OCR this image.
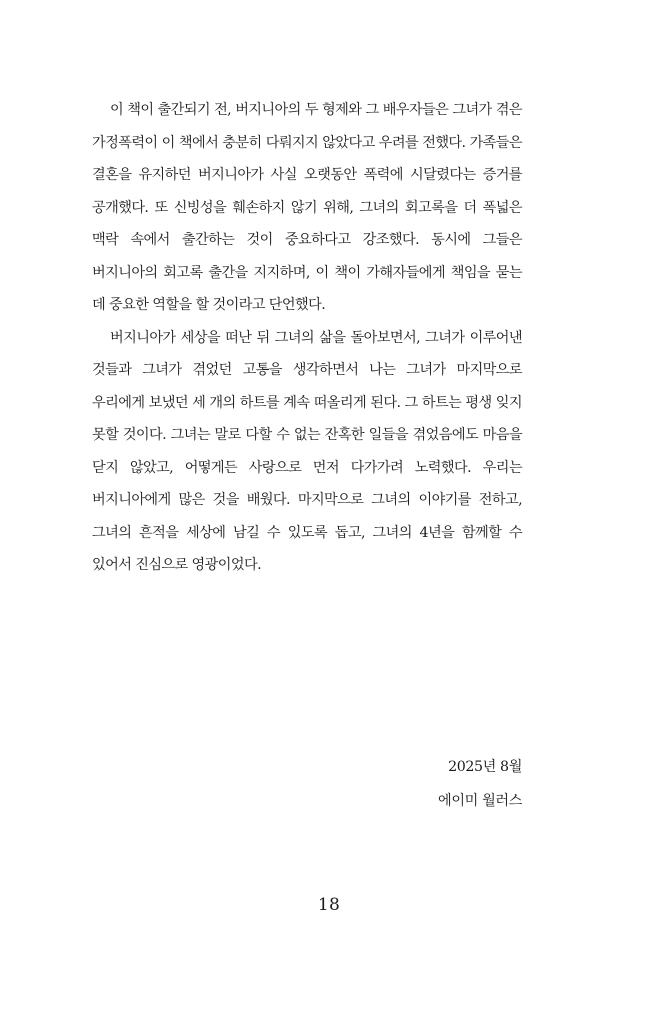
이 책이 출간되기 전, 버지니아의 두 형제와 그 배우자들은 그녀가 겪은 가정폭력이 이 책에서 충분히 다뤄지지 않았다고 우려를 전했다. 가족들은 결혼을 유지하던 버지니아가 사실 오랫동안 폭력에 시달렸다는 증거를 공개했다. 또 신빙성을 훼손하지 않기 위해, 그녀의 회고록을 더 폭넓은 맥락 속에서 출간하는 것이 중요하다고 강조했다. 동시에 그들은 버지니아의 회고록 출간을 지지하며, 이 책이 가해자들에게 책임을 묻는 데 중요한 역할을 할 것이라고 단언했다.

버지니아가 세상을 떠난 뒤 그녀의 삶을 돌아보면서, 그녀가 이루어낸 것들과 그녀가 겪었던 고통을 생각하면서 나는 그녀가 마지막으로 우리에게 보냈던 세 개의 하트를 계속 떠올리게 된다. 그 하트는 평생 잊지 못할 것이다. 그녀는 말로 다할 수 없는 잔혹한 일들을 겪었음에도 마음을 닫지 않았고, 어떻게든 사랑으로 먼저 다가가려 노력했다. 우리는 버지니아에게 많은 것을 배웠다. 마지막으로 그녀의 이야기를 전하고, 그녀의 흔적을 세상에 남길 수 있도록 돕고, 그녀의 4년을 함께할 수 있어서 진심으로 영광이었다.

2025년 8월
에이미 월러스
18
